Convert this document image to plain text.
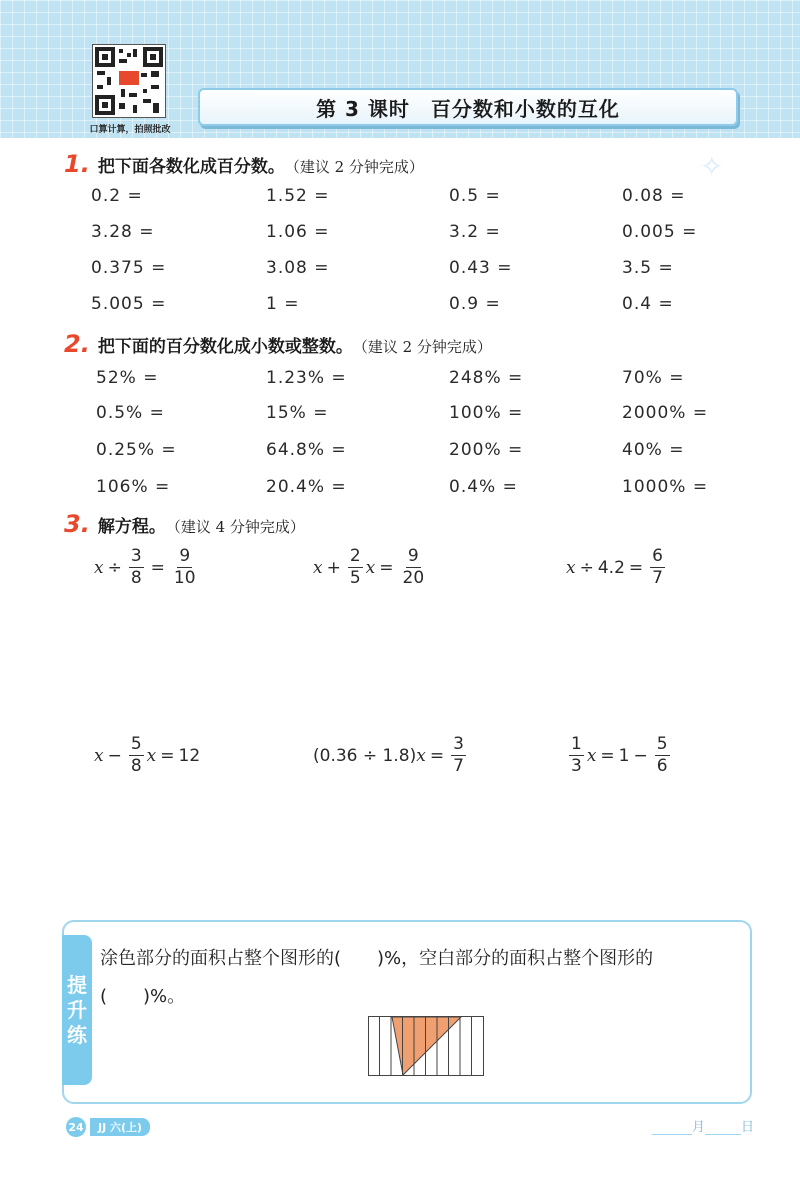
✧
口算计算，拍照批改
第 3 课时　百分数和小数的互化
1. 把下面各数化成百分数。 （建议 2 分钟完成）
0.2 =	1.52 =	0.5 =	0.08 =
3.28 =	1.06 =	3.2 =	0.005 =
0.375 =	3.08 =	0.43 =	3.5 =
5.005 =	1 =	0.9 =	0.4 =
2. 把下面的百分数化成小数或整数。 （建议 2 分钟完成）
52% =	1.23% =	248% =	70% =
0.5% =	15% =	100% =	2000% =
0.25% =	64.8% =	200% =	40% =
106% =	20.4% =	0.4% =	1000% =
3. 解方程。 （建议 4 分钟完成）
$x \div \frac{3}{8} = \frac{9}{10}$	$x + \frac{2}{5}$ $x = \frac{9}{20}$	$x \div 4.2 = \frac{6}{7}$
$x - \frac{5}{8}$ x = 12	(0.36 ÷ 1.8) $x = \frac{3}{7}$	$\frac{1}{3}$ $x = 1 - \frac{5}{6}$
提
升
练
涂色部分的面积占整个图形的(　　)%，空白部分的面积占整个图形的
(　　)%。
24	JJ 六(上)	月	日
